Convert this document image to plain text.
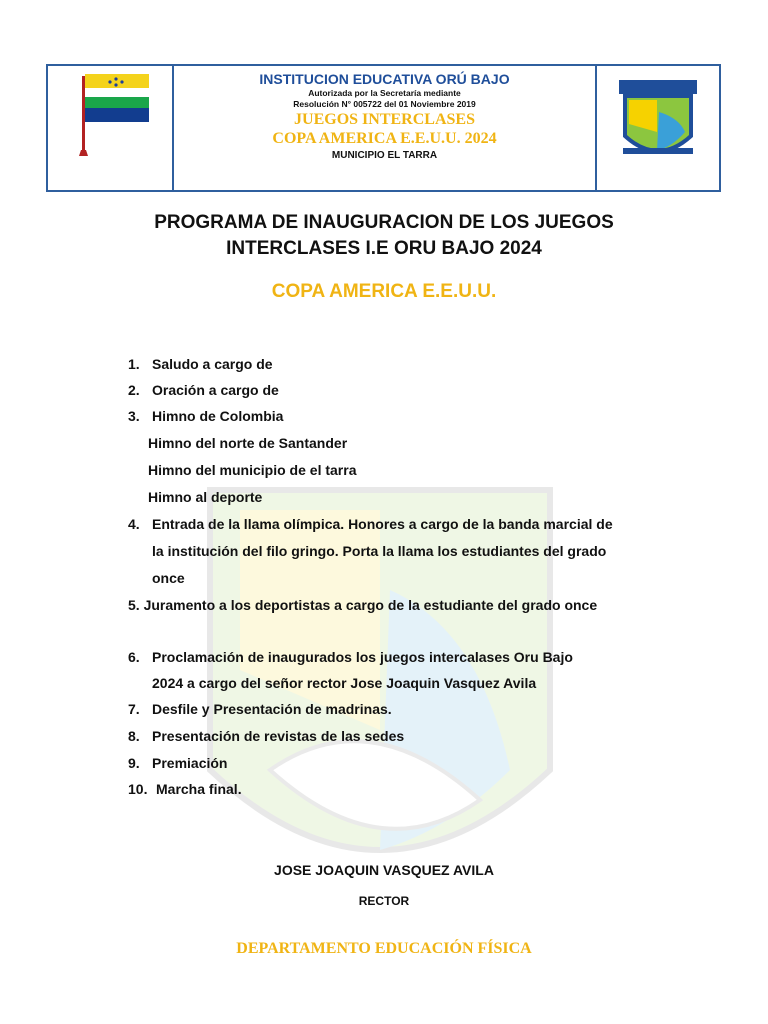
INSTITUCION EDUCATIVA ORÚ BAJO
Autorizada por la Secretaría mediante
Resolución N° 005722 del 01 Noviembre 2019
JUEGOS INTERCLASES
COPA AMERICA E.E.U.U. 2024
MUNICIPIO EL TARRA
PROGRAMA DE INAUGURACION DE LOS JUEGOS
INTERCLASES I.E ORU BAJO 2024
COPA AMERICA E.E.U.U.
1. Saludo a cargo de
2. Oración a cargo de
3. Himno de Colombia
Himno del norte de Santander
Himno del municipio de el tarra
Himno al deporte
4. Entrada de la llama olímpica. Honores a cargo de la banda marcial de
la institución del filo gringo. Porta la llama los estudiantes del grado
once
5. Juramento a los deportistas a cargo de la estudiante del grado once
6. Proclamación de inaugurados los juegos intercalases Oru Bajo
2024 a cargo del señor rector Jose Joaquin Vasquez Avila
7. Desfile y Presentación de madrinas.
8. Presentación de revistas de las sedes
9. Premiación
10. Marcha final.
JOSE JOAQUIN VASQUEZ AVILA
RECTOR
DEPARTAMENTO EDUCACIÓN FÍSICA
